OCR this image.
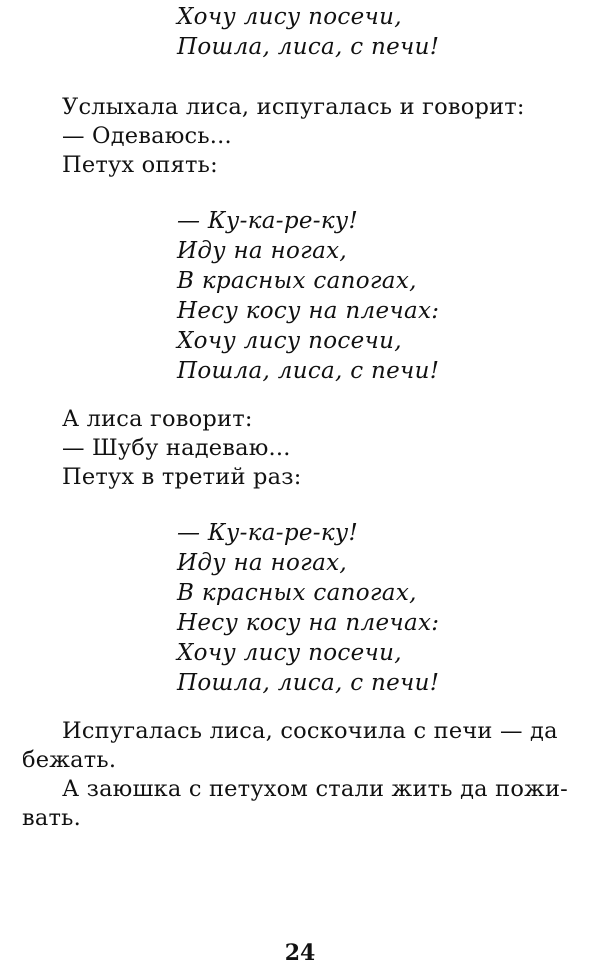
Хочу лису посечи,
Пошла, лиса, с печи!
Услыхала лиса, испугалась и говорит:
— Одеваюсь...
Петух опять:
— Ку-ка-ре-ку!
Иду на ногах,
В красных сапогах,
Несу косу на плечах:
Хочу лису посечи,
Пошла, лиса, с печи!
А лиса говорит:
— Шубу надеваю...
Петух в третий раз:
— Ку-ка-ре-ку!
Иду на ногах,
В красных сапогах,
Несу косу на плечах:
Хочу лису посечи,
Пошла, лиса, с печи!
Испугалась лиса, соскочила с печи — да
бежать.
А заюшка с петухом стали жить да пожи-
вать.
24
